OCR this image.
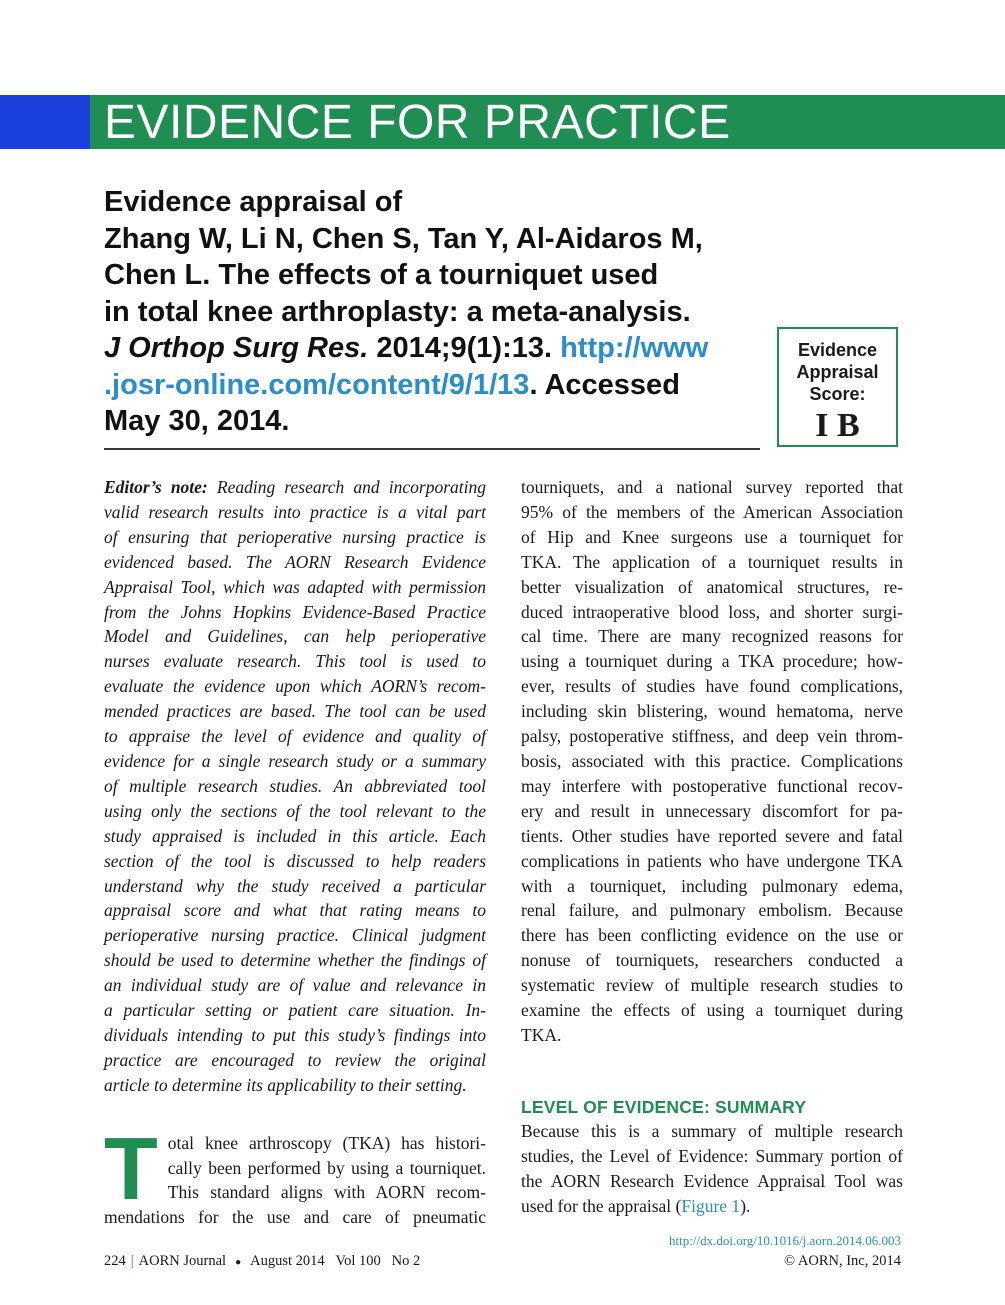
EVIDENCE FOR PRACTICE
Evidence appraisal of
Zhang W, Li N, Chen S, Tan Y, Al-Aidaros M,
Chen L. The effects of a tourniquet used
in total knee arthroplasty: a meta-analysis.
J Orthop Surg Res. 2014;9(1):13. http://www
.josr-online.com/content/9/1/13. Accessed
May 30, 2014.
Evidence
Appraisal
Score:
I B
Editor’s note: Reading research and incorporating
valid research results into practice is a vital part
of ensuring that perioperative nursing practice is
evidenced based. The AORN Research Evidence
Appraisal Tool, which was adapted with permission
from the Johns Hopkins Evidence-Based Practice
Model and Guidelines, can help perioperative
nurses evaluate research. This tool is used to
evaluate the evidence upon which AORN’s recom-
mended practices are based. The tool can be used
to appraise the level of evidence and quality of
evidence for a single research study or a summary
of multiple research studies. An abbreviated tool
using only the sections of the tool relevant to the
study appraised is included in this article. Each
section of the tool is discussed to help readers
understand why the study received a particular
appraisal score and what that rating means to
perioperative nursing practice. Clinical judgment
should be used to determine whether the findings of
an individual study are of value and relevance in
a particular setting or patient care situation. In-
dividuals intending to put this study’s findings into
practice are encouraged to review the original
article to determine its applicability to their setting.
T otal knee arthroscopy (TKA) has histori-
cally been performed by using a tourniquet.
This standard aligns with AORN recom-
mendations for the use and care of pneumatic
tourniquets, and a national survey reported that
95% of the members of the American Association
of Hip and Knee surgeons use a tourniquet for
TKA. The application of a tourniquet results in
better visualization of anatomical structures, re-
duced intraoperative blood loss, and shorter surgi-
cal time. There are many recognized reasons for
using a tourniquet during a TKA procedure; how-
ever, results of studies have found complications,
including skin blistering, wound hematoma, nerve
palsy, postoperative stiffness, and deep vein throm-
bosis, associated with this practice. Complications
may interfere with postoperative functional recov-
ery and result in unnecessary discomfort for pa-
tients. Other studies have reported severe and fatal
complications in patients who have undergone TKA
with a tourniquet, including pulmonary edema,
renal failure, and pulmonary embolism. Because
there has been conflicting evidence on the use or
nonuse of tourniquets, researchers conducted a
systematic review of multiple research studies to
examine the effects of using a tourniquet during
TKA.
LEVEL OF EVIDENCE: SUMMARY
Because this is a summary of multiple research
studies, the Level of Evidence: Summary portion of
the AORN Research Evidence Appraisal Tool was
used for the appraisal (Figure 1).
http://dx.doi.org/10.1016/j.aorn.2014.06.003
224 | AORN Journal ● August 2014 Vol 100 No 2	© AORN, Inc, 2014
